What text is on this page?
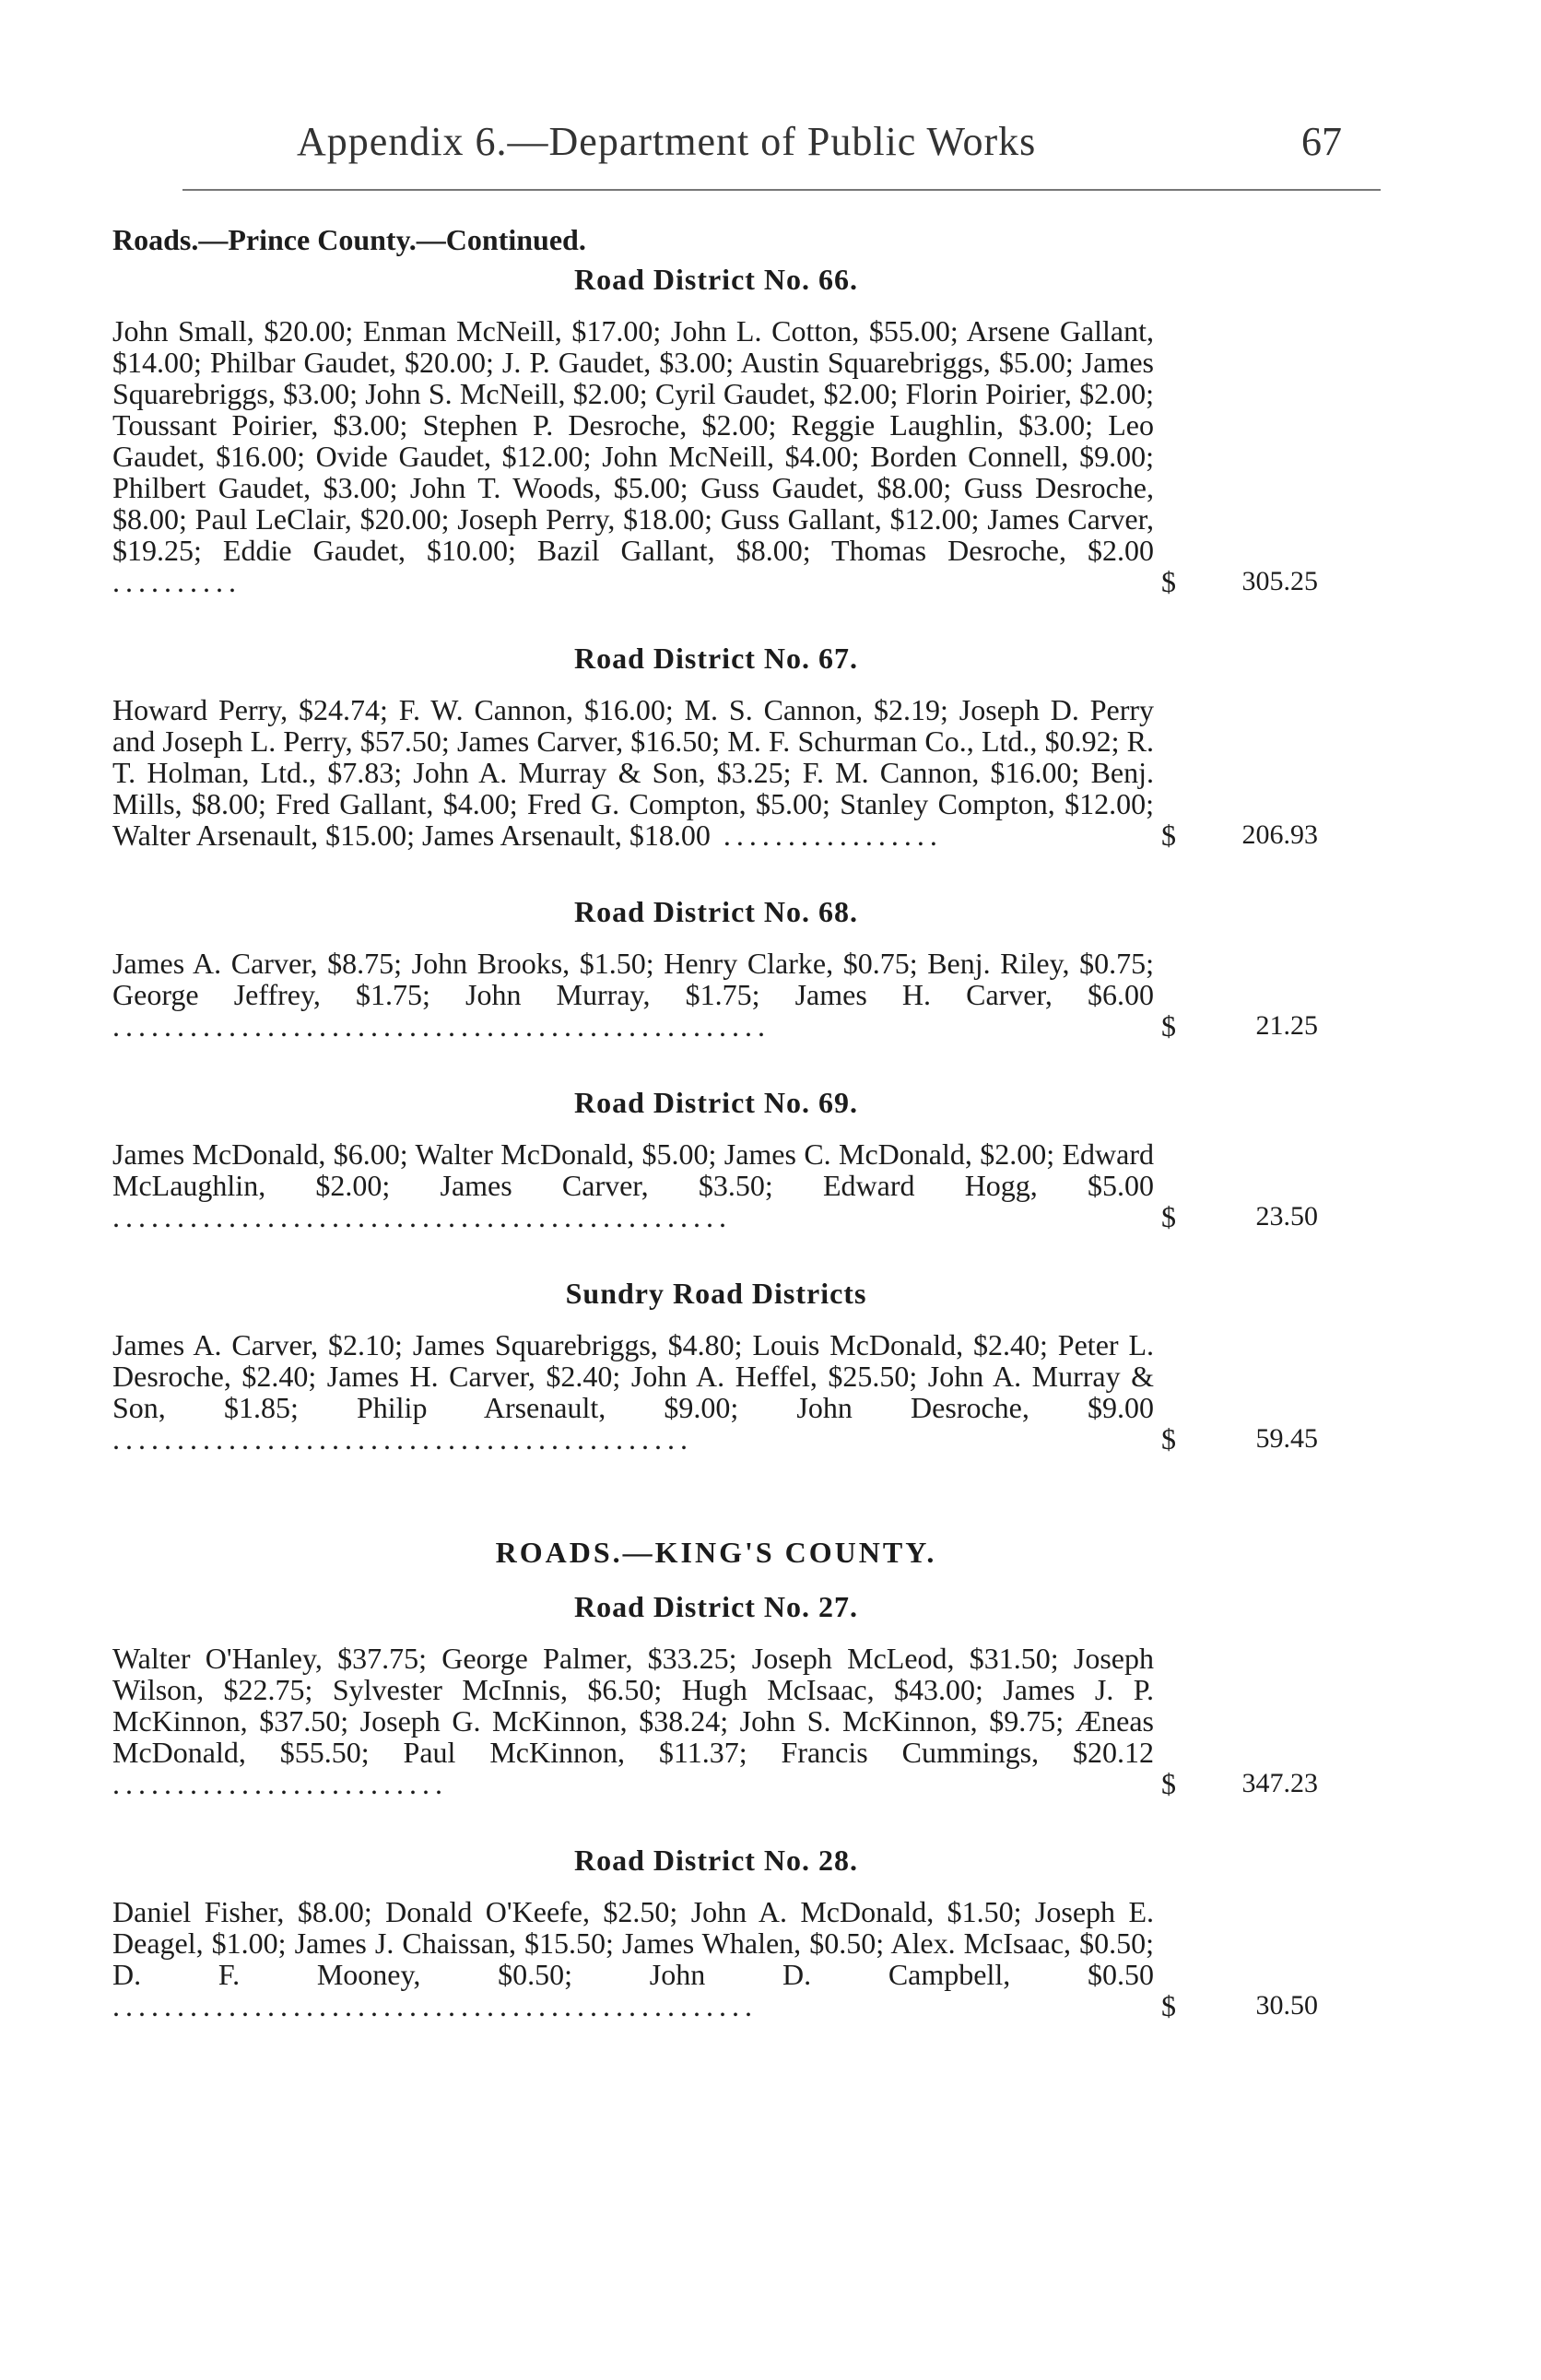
Appendix 6.—Department of Public Works	67
Roads.—Prince County.—Continued.
Road District No. 66.
John Small, $20.00; Enman McNeill, $17.00; John L. Cotton, $55.00; Arsene Gallant, $14.00; Philbar Gaudet, $20.00; J. P. Gaudet, $3.00; Austin Squarebriggs, $5.00; James Squarebriggs, $3.00; John S. McNeill, $2.00; Cyril Gaudet, $2.00; Florin Poirier, $2.00; Toussant Poirier, $3.00; Stephen P. Desroche, $2.00; Reggie Laughlin, $3.00; Leo Gaudet, $16.00; Ovide Gaudet, $12.00; John McNeill, $4.00; Borden Connell, $9.00; Philbert Gaudet, $3.00; John T. Woods, $5.00; Guss Gaudet, $8.00; Guss Desroche, $8.00; Paul LeClair, $20.00; Joseph Perry, $18.00; Guss Gallant, $12.00; James Carver, $19.25; Eddie Gaudet, $10.00; Bazil Gallant, $8.00; Thomas Desroche, $2.00 ..........	$	305.25
Road District No. 67.
Howard Perry, $24.74; F. W. Cannon, $16.00; M. S. Cannon, $2.19; Joseph D. Perry and Joseph L. Perry, $57.50; James Carver, $16.50; M. F. Schurman Co., Ltd., $0.92; R. T. Holman, Ltd., $7.83; John A. Murray & Son, $3.25; F. M. Cannon, $16.00; Benj. Mills, $8.00; Fred Gallant, $4.00; Fred G. Compton, $5.00; Stanley Compton, $12.00; Walter Arsenault, $15.00; James Arsenault, $18.00 .................	$	206.93
Road District No. 68.
James A. Carver, $8.75; John Brooks, $1.50; Henry Clarke, $0.75; Benj. Riley, $0.75; George Jeffrey, $1.75; John Murray, $1.75; James H. Carver, $6.00 ...................................................	$	21.25
Road District No. 69.
James McDonald, $6.00; Walter McDonald, $5.00; James C. McDonald, $2.00; Edward McLaughlin, $2.00; James Carver, $3.50; Edward Hogg, $5.00 ................................................	$	23.50
Sundry Road Districts
James A. Carver, $2.10; James Squarebriggs, $4.80; Louis McDonald, $2.40; Peter L. Desroche, $2.40; James H. Carver, $2.40; John A. Heffel, $25.50; John A. Murray & Son, $1.85; Philip Arsenault, $9.00; John Desroche, $9.00 .............................................	$	59.45
ROADS.—KING'S COUNTY.
Road District No. 27.
Walter O'Hanley, $37.75; George Palmer, $33.25; Joseph McLeod, $31.50; Joseph Wilson, $22.75; Sylvester McInnis, $6.50; Hugh McIsaac, $43.00; James J. P. McKinnon, $37.50; Joseph G. McKinnon, $38.24; John S. McKinnon, $9.75; Æneas McDonald, $55.50; Paul McKinnon, $11.37; Francis Cummings, $20.12 ..........................	$	347.23
Road District No. 28.
Daniel Fisher, $8.00; Donald O'Keefe, $2.50; John A. McDonald, $1.50; Joseph E. Deagel, $1.00; James J. Chaissan, $15.50; James Whalen, $0.50; Alex. McIsaac, $0.50; D. F. Mooney, $0.50; John D. Campbell, $0.50 ..................................................	$	30.50
